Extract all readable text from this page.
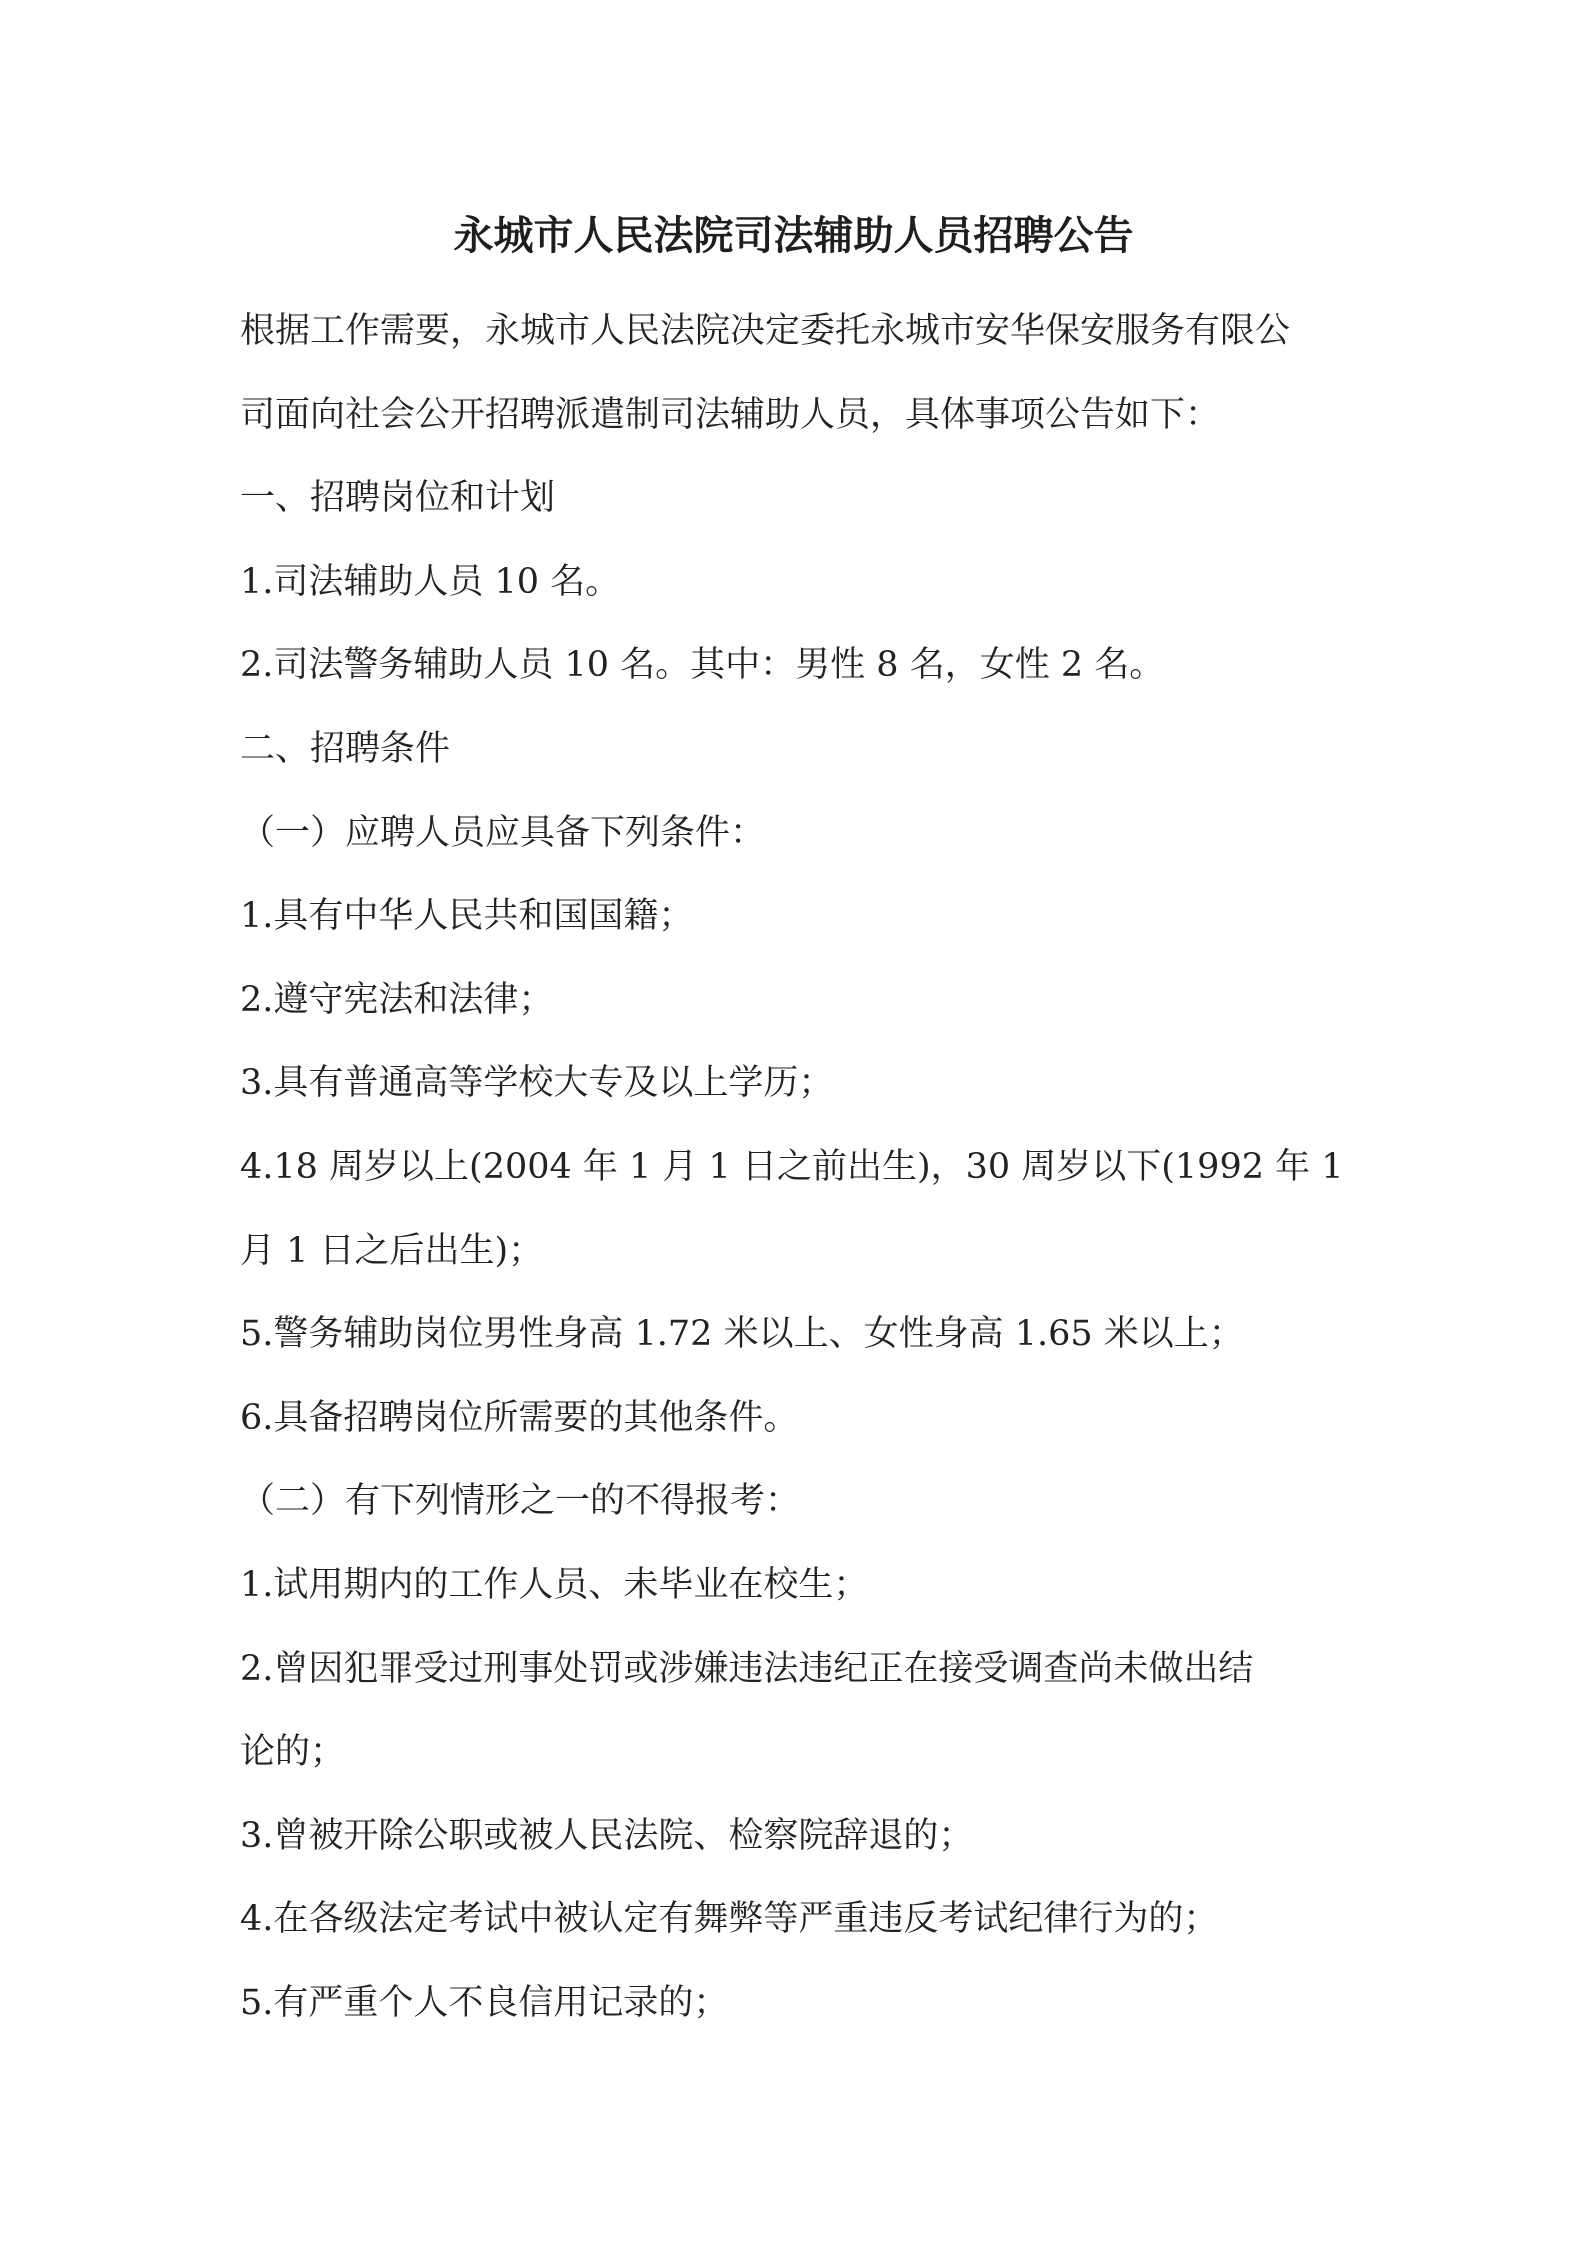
永城市人民法院司法辅助人员招聘公告
根据工作需要，永城市人民法院决定委托永城市安华保安服务有限公
司面向社会公开招聘派遣制司法辅助人员，具体事项公告如下：
一、招聘岗位和计划
1.司法辅助人员 10 名。
2.司法警务辅助人员 10 名。其中：男性 8 名，女性 2 名。
二、招聘条件
（一）应聘人员应具备下列条件：
1.具有中华人民共和国国籍；
2.遵守宪法和法律；
3.具有普通高等学校大专及以上学历；
4.18 周岁以上(2004 年 1 月 1 日之前出生)，30 周岁以下(1992 年 1
月 1 日之后出生)；
5.警务辅助岗位男性身高 1.72 米以上、女性身高 1.65 米以上；
6.具备招聘岗位所需要的其他条件。
（二）有下列情形之一的不得报考：
1.试用期内的工作人员、未毕业在校生；
2.曾因犯罪受过刑事处罚或涉嫌违法违纪正在接受调查尚未做出结
论的；
3.曾被开除公职或被人民法院、检察院辞退的；
4.在各级法定考试中被认定有舞弊等严重违反考试纪律行为的；
5.有严重个人不良信用记录的；
